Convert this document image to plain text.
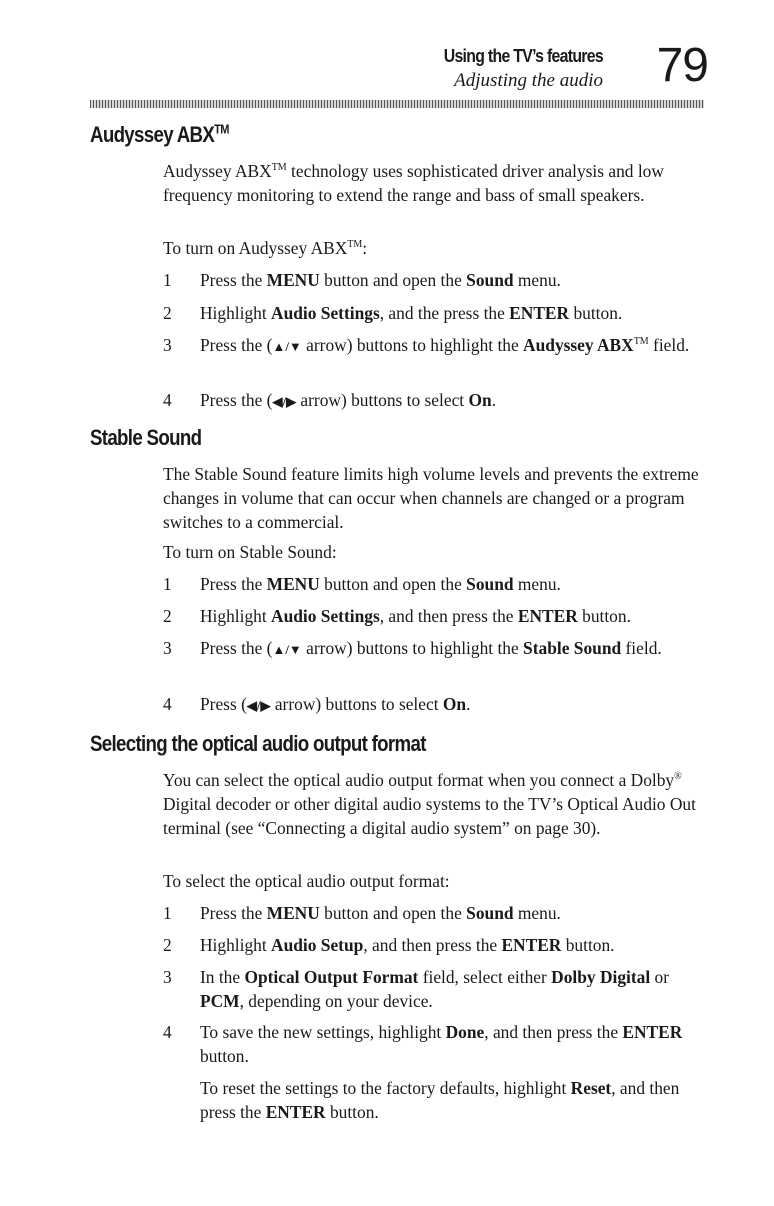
Using the TV’s features
Adjusting the audio 79
Audyssey ABX™

Audyssey ABX™ technology uses sophisticated driver analysis and low frequency monitoring to extend the range and bass of small speakers.

To turn on Audyssey ABX™:

1 Press the MENU button and open the Sound menu.
2 Highlight Audio Settings, and the press the ENTER button.
3 Press the (▲/▼ arrow) buttons to highlight the Audyssey ABX™ field.
4 Press the (◀/▶ arrow) buttons to select On.
Stable Sound

The Stable Sound feature limits high volume levels and prevents the extreme changes in volume that can occur when channels are changed or a program switches to a commercial.

To turn on Stable Sound:

1 Press the MENU button and open the Sound menu.
2 Highlight Audio Settings, and then press the ENTER button.
3 Press the (▲/▼ arrow) buttons to highlight the Stable Sound field.
4 Press (◀/▶ arrow) buttons to select On.
Selecting the optical audio output format

You can select the optical audio output format when you connect a Dolby® Digital decoder or other digital audio systems to the TV’s Optical Audio Out terminal (see “Connecting a digital audio system” on page 30).

To select the optical audio output format:

1 Press the MENU button and open the Sound menu.
2 Highlight Audio Setup, and then press the ENTER button.
3 In the Optical Output Format field, select either Dolby Digital or PCM, depending on your device.
4 To save the new settings, highlight Done, and then press the ENTER button.

To reset the settings to the factory defaults, highlight Reset, and then press the ENTER button.
